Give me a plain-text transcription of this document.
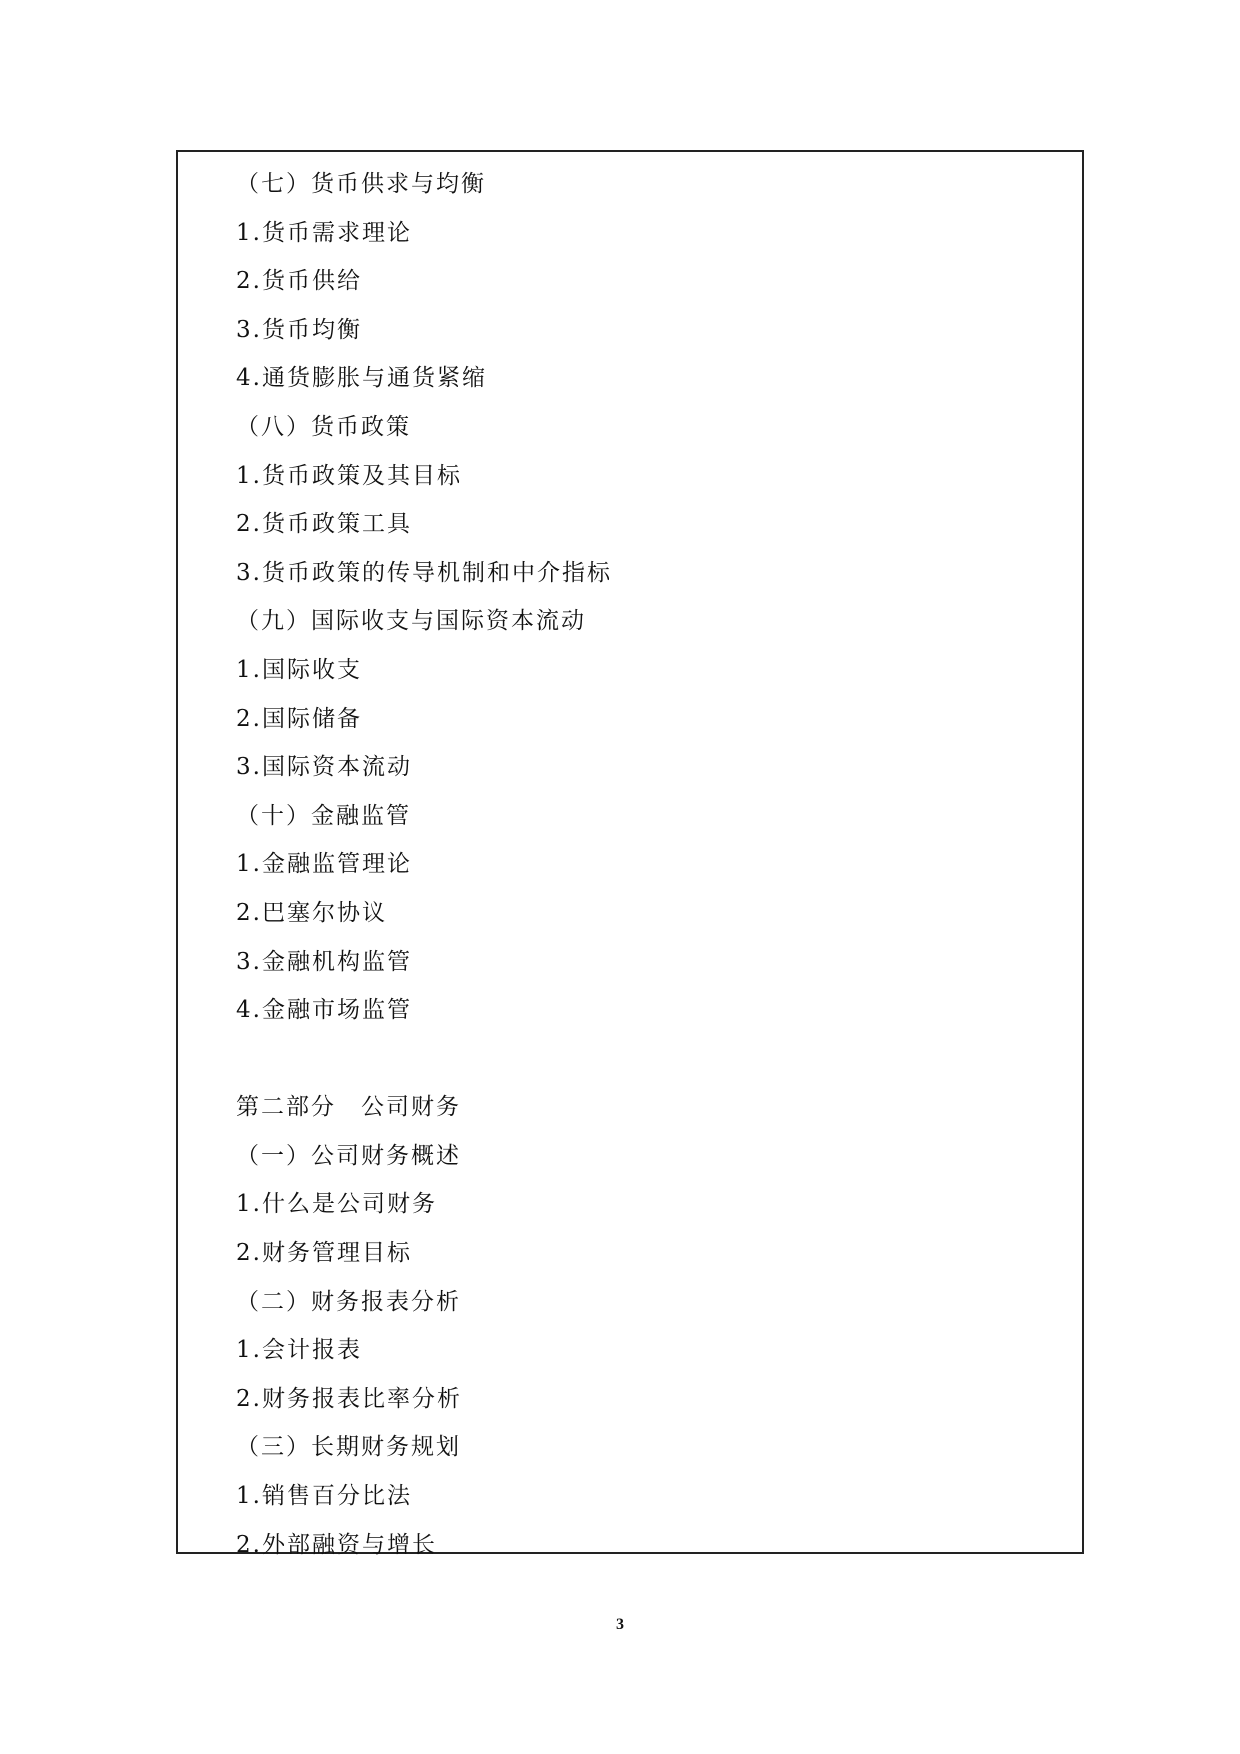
（七）货币供求与均衡
1.货币需求理论
2.货币供给
3.货币均衡
4.通货膨胀与通货紧缩
（八）货币政策
1.货币政策及其目标
2.货币政策工具
3.货币政策的传导机制和中介指标
（九）国际收支与国际资本流动
1.国际收支
2.国际储备
3.国际资本流动
（十）金融监管
1.金融监管理论
2.巴塞尔协议
3.金融机构监管
4.金融市场监管
第二部分　公司财务
（一）公司财务概述
1.什么是公司财务
2.财务管理目标
（二）财务报表分析
1.会计报表
2.财务报表比率分析
（三）长期财务规划
1.销售百分比法
2.外部融资与增长
3
